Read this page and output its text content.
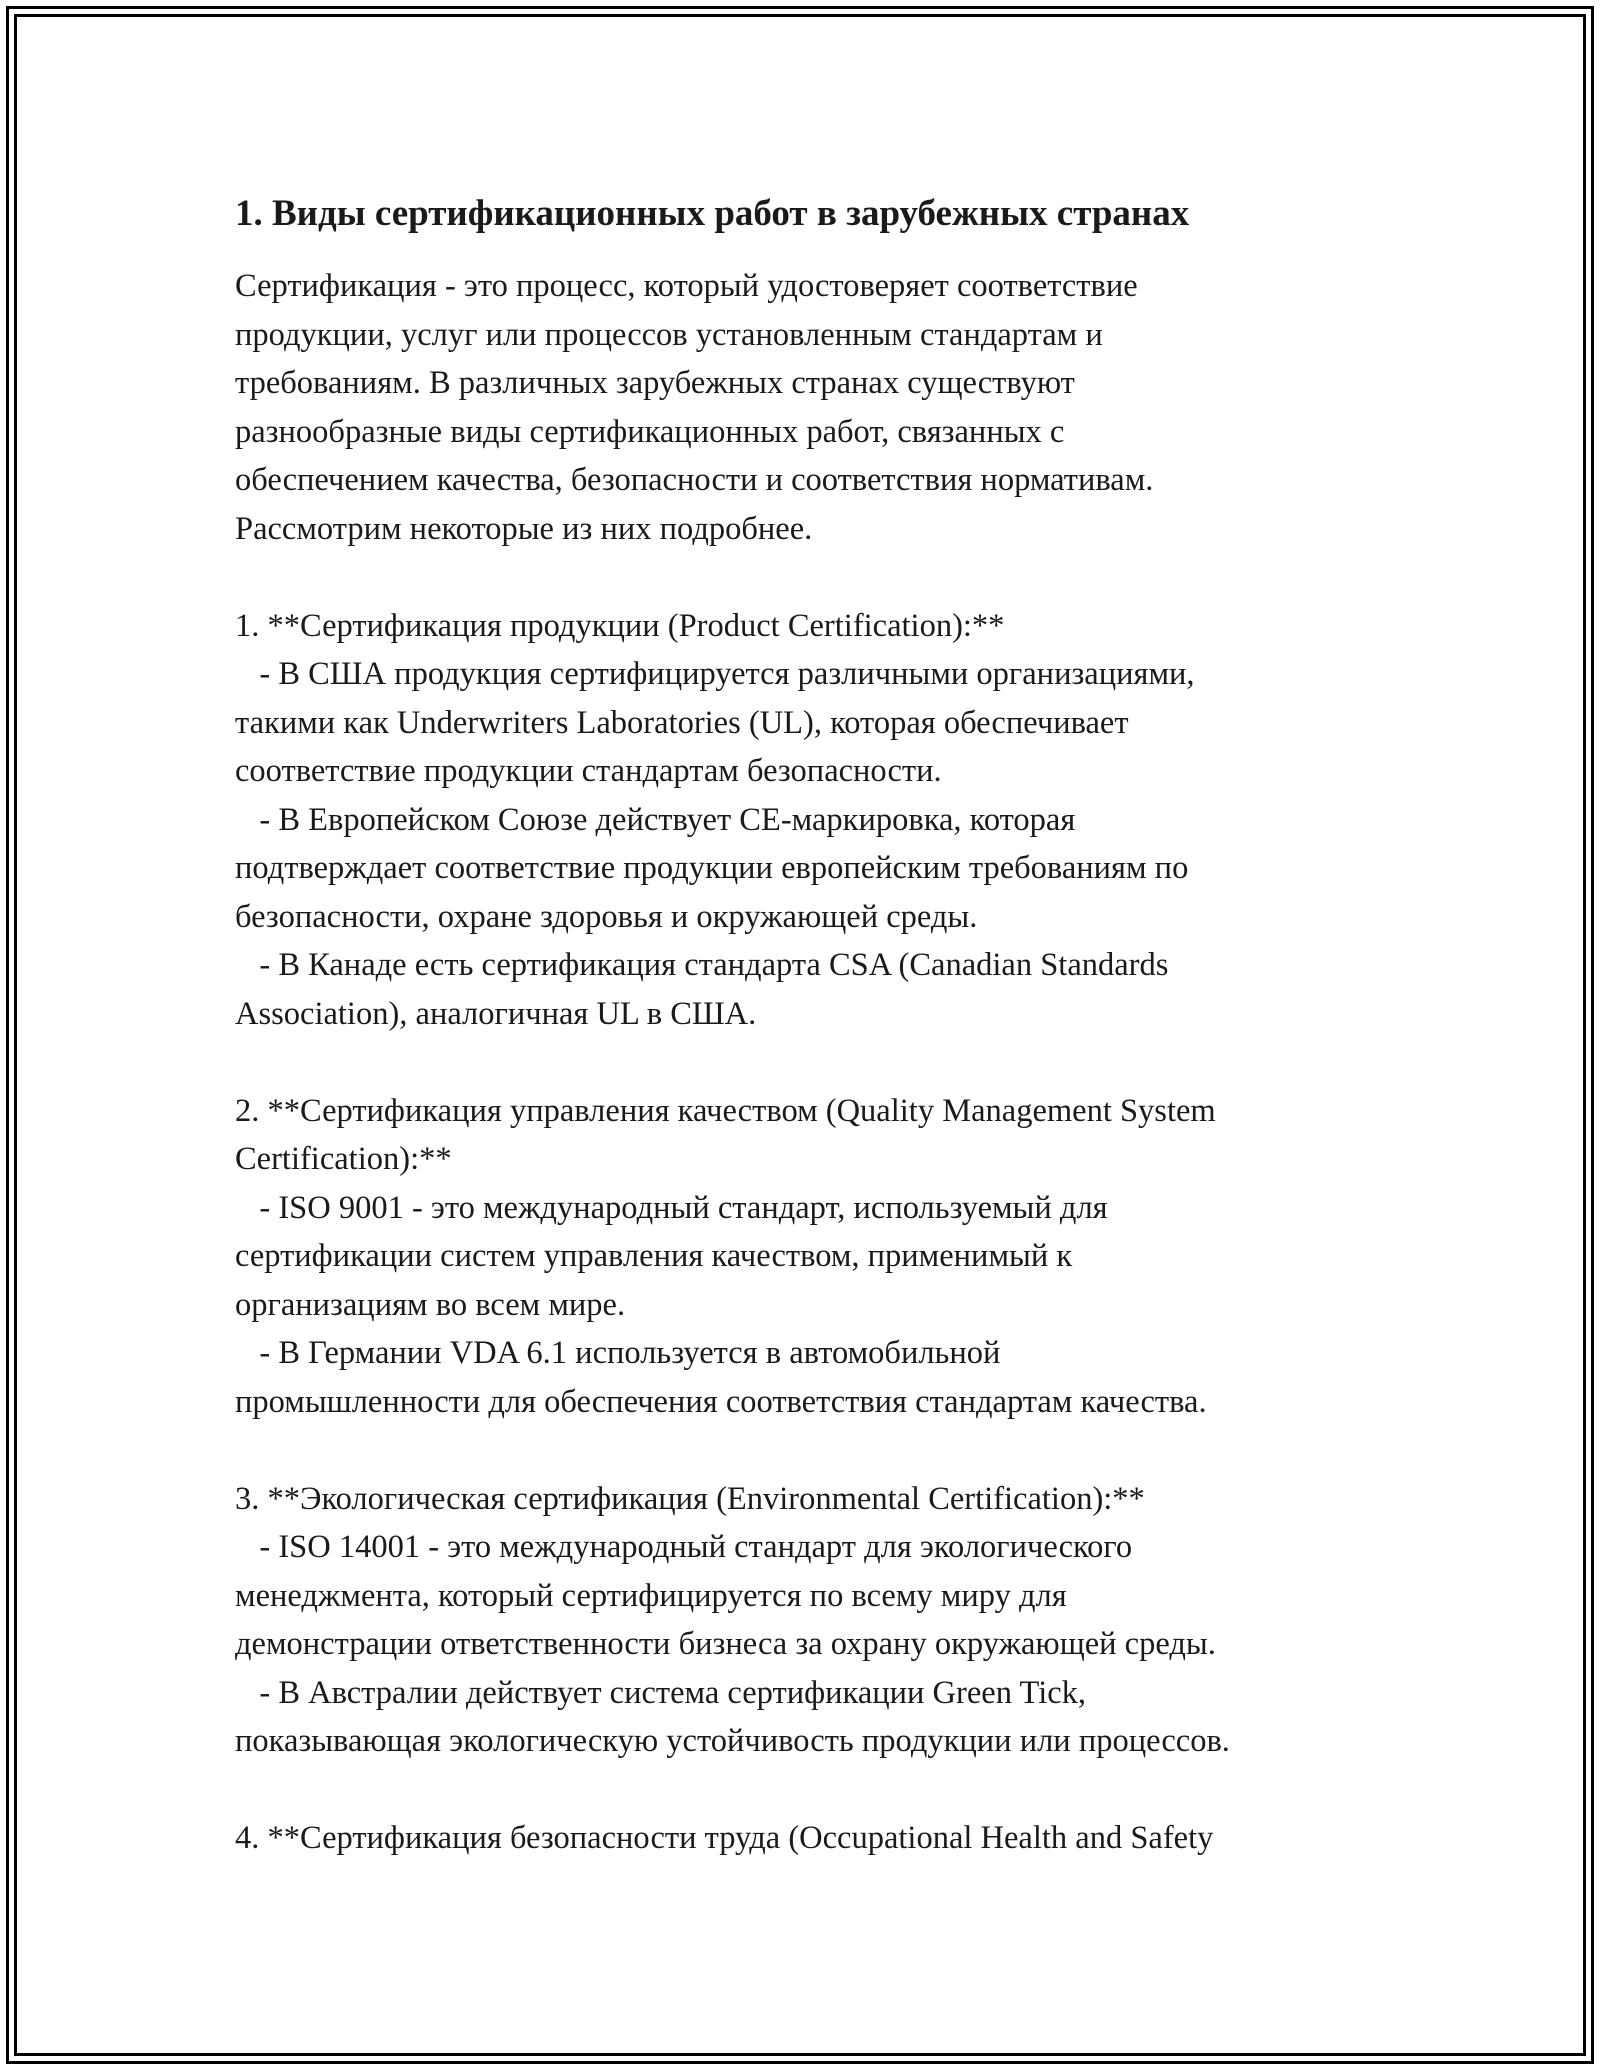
1. Виды сертификационных работ в зарубежных странах
Сертификация - это процесс, который удостоверяет соответствие
продукции, услуг или процессов установленным стандартам и
требованиям. В различных зарубежных странах существуют
разнообразные виды сертификационных работ, связанных с
обеспечением качества, безопасности и соответствия нормативам.
Рассмотрим некоторые из них подробнее.
1. **Сертификация продукции (Product Certification):**
- В США продукция сертифицируется различными организациями,
такими как Underwriters Laboratories (UL), которая обеспечивает
соответствие продукции стандартам безопасности.
- В Европейском Союзе действует CE-маркировка, которая
подтверждает соответствие продукции европейским требованиям по
безопасности, охране здоровья и окружающей среды.
- В Канаде есть сертификация стандарта CSA (Canadian Standards
Association), аналогичная UL в США.
2. **Сертификация управления качеством (Quality Management System
Certification):**
- ISO 9001 - это международный стандарт, используемый для
сертификации систем управления качеством, применимый к
организациям во всем мире.
- В Германии VDA 6.1 используется в автомобильной
промышленности для обеспечения соответствия стандартам качества.
3. **Экологическая сертификация (Environmental Certification):**
- ISO 14001 - это международный стандарт для экологического
менеджмента, который сертифицируется по всему миру для
демонстрации ответственности бизнеса за охрану окружающей среды.
- В Австралии действует система сертификации Green Tick,
показывающая экологическую устойчивость продукции или процессов.
4. **Сертификация безопасности труда (Occupational Health and Safety
